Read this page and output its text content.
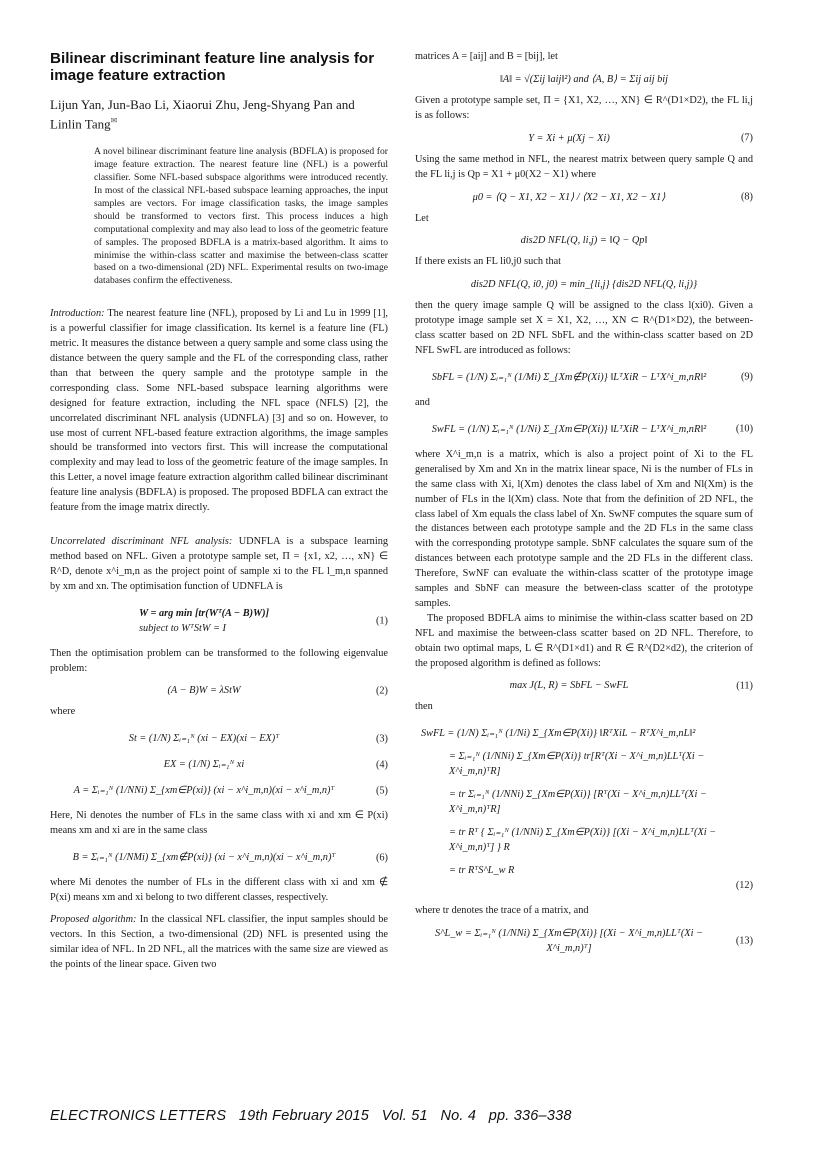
Bilinear discriminant feature line analysis for image feature extraction
Lijun Yan, Jun-Bao Li, Xiaorui Zhu, Jeng-Shyang Pan and Linlin Tang✉

A novel bilinear discriminant feature line analysis (BDFLA) is proposed for image feature extraction. The nearest feature line (NFL) is a powerful classifier. Some NFL-based subspace algorithms were introduced recently. In most of the classical NFL-based subspace learning approaches, the input samples are vectors. For image classification tasks, the image samples should be transformed to vectors first. This process induces a high computational complexity and may also lead to loss of the geometric feature of samples. The proposed BDFLA is a matrix-based algorithm. It aims to minimise the within-class scatter and maximise the between-class scatter based on a two-dimensional (2D) NFL. Experimental results on two-image databases confirm the effectiveness.

Introduction: The nearest feature line (NFL), proposed by Li and Lu in 1999 [1], is a powerful classifier for image classification. Its kernel is a feature line (FL) metric. It measures the distance between a query sample and some class using the distance between the query sample and the FL of the corresponding class, rather than that between the query sample and the prototype sample in the corresponding class. Some NFL-based subspace learning algorithms were designed for feature extraction, including the NFL space (NFLS) [2], the uncorrelated discriminant NFL analysis (UDNFLA) [3] and so on. However, to use most of current NFL-based feature extraction algorithms, the image samples should be transformed into vectors first. This will increase the computational complexity and may lead to loss of the geometric feature of the image samples. In this Letter, a novel image feature extraction algorithm called bilinear discriminant feature line analysis (BDFLA) is proposed. The proposed BDFLA can extract the feature from the image matrix directly.

Uncorrelated discriminant NFL analysis: UDNFLA is a subspace learning method based on NFL. Given a prototype sample set, Π = {x1, x2, …, xN} ∈ R^D, denote x^i_m,n as the project point of sample xi to the FL l_m,n spanned by xm and xn. The optimisation function of UDNFLA is

W = arg min [tr(Wᵀ(A − B)W)]
subject to WᵀStW = I
(1)

Then the optimisation problem can be transformed to the following eigenvalue problem:

(A − B)W = λStW	(2)

where

St = (1/N) Σᵢ₌₁ᴺ (xi − EX)(xi − EX)ᵀ	(3)
EX = (1/N) Σᵢ₌₁ᴺ xi	(4)
A = Σᵢ₌₁ᴺ (1/NNi) Σ_{xm∈P(xi)} (xi − x^i_m,n)(xi − x^i_m,n)ᵀ	(5)

Here, Ni denotes the number of FLs in the same class with xi and xm ∈ P(xi) means xm and xi are in the same class

B = Σᵢ₌₁ᴺ (1/NMi) Σ_{xm∉P(xi)} (xi − x^i_m,n)(xi − x^i_m,n)ᵀ	(6)

where Mi denotes the number of FLs in the different class with xi and xm ∉ P(xi) means xm and xi belong to two different classes, respectively.

Proposed algorithm: In the classical NFL classifier, the input samples should be vectors. In this Section, a two-dimensional (2D) NFL is presented using the similar idea of NFL. In 2D NFL, all the matrices with the same size are viewed as the points of the linear space. Given two

matrices A = [aij] and B = [bij], let

‖A‖ = √(Σij ‖aij‖²) and ⟨A, B⟩ = Σij aij bij

Given a prototype sample set, Π = {X1, X2, …, XN} ∈ R^(D1×D2), the FL li,j is as follows:

Y = Xi + μ(Xj − Xi)	(7)

Using the same method in NFL, the nearest matrix between query sample Q and the FL li,j is Qp = X1 + μ0(X2 − X1) where

μ0 = ⟨Q − X1, X2 − X1⟩ / ⟨X2 − X1, X2 − X1⟩	(8)

Let

dis2D NFL(Q, li,j) = ‖Q − Qp‖

If there exists an FL li0,j0 such that

dis2D NFL(Q, i0, j0) = min_{li,j} {dis2D NFL(Q, li,j)}

then the query image sample Q will be assigned to the class l(xi0). Given a prototype image sample set X = X1, X2, …, XN ⊂ R^(D1×D2), the between-class scatter based on 2D NFL SbFL and the within-class scatter based on 2D NFL SwFL are introduced as follows:

SbFL = (1/N) Σᵢ₌₁ᴺ (1/Mi) Σ_{Xm∉P(Xi)} ‖LᵀXiR − LᵀX^i_m,nR‖²	(9)

and

SwFL = (1/N) Σᵢ₌₁ᴺ (1/Ni) Σ_{Xm∈P(Xi)} ‖LᵀXiR − LᵀX^i_m,nR‖²	(10)

where X^i_m,n is a matrix, which is also a project point of Xi to the FL generalised by Xm and Xn in the matrix linear space, Ni is the number of FLs in the same class with Xi, l(Xm) denotes the class label of Xm and Nl(Xm) is the number of FLs in the l(Xm) class. Note that from the definition of 2D NFL, the class label of Xm equals the class label of Xn. SwNF computes the square sum of the distances between each prototype sample and the 2D FLs in the same class with the corresponding prototype sample. SbNF calculates the square sum of the distances between each prototype sample and the 2D FLs in the different class. Therefore, SwNF can evaluate the within-class scatter of the prototype image samples and SbNF can measure the between-class scatter of the prototype samples.

The proposed BDFLA aims to minimise the within-class scatter based on 2D NFL and maximise the between-class scatter based on 2D NFL. Therefore, to obtain two optimal maps, L ∈ R^(D1×d1) and R ∈ R^(D2×d2), the criterion of the proposed algorithm is defined as follows:

max J(L, R) = SbFL − SwFL	(11)

then

SwFL = (1/N) Σᵢ₌₁ᴺ (1/Ni) Σ_{Xm∈P(Xi)} ‖RᵀXiL − RᵀX^i_m,nL‖²
= Σᵢ₌₁ᴺ (1/NNi) Σ_{Xm∈P(Xi)} tr[Rᵀ(Xi − X^i_m,n)LLᵀ(Xi − X^i_m,n)ᵀR]
= tr Σᵢ₌₁ᴺ (1/NNi) Σ_{Xm∈P(Xi)} [Rᵀ(Xi − X^i_m,n)LLᵀ(Xi − X^i_m,n)ᵀR]
= tr Rᵀ { Σᵢ₌₁ᴺ (1/NNi) Σ_{Xm∈P(Xi)} [(Xi − X^i_m,n)LLᵀ(Xi − X^i_m,n)ᵀ] } R
= tr RᵀS^L_w R
(12)

where tr denotes the trace of a matrix, and

S^L_w = Σᵢ₌₁ᴺ (1/NNi) Σ_{Xm∈P(Xi)} [(Xi − X^i_m,n)LLᵀ(Xi − X^i_m,n)ᵀ]
(13)
ELECTRONICS LETTERS   19th February 2015   Vol. 51   No. 4   pp. 336–338
